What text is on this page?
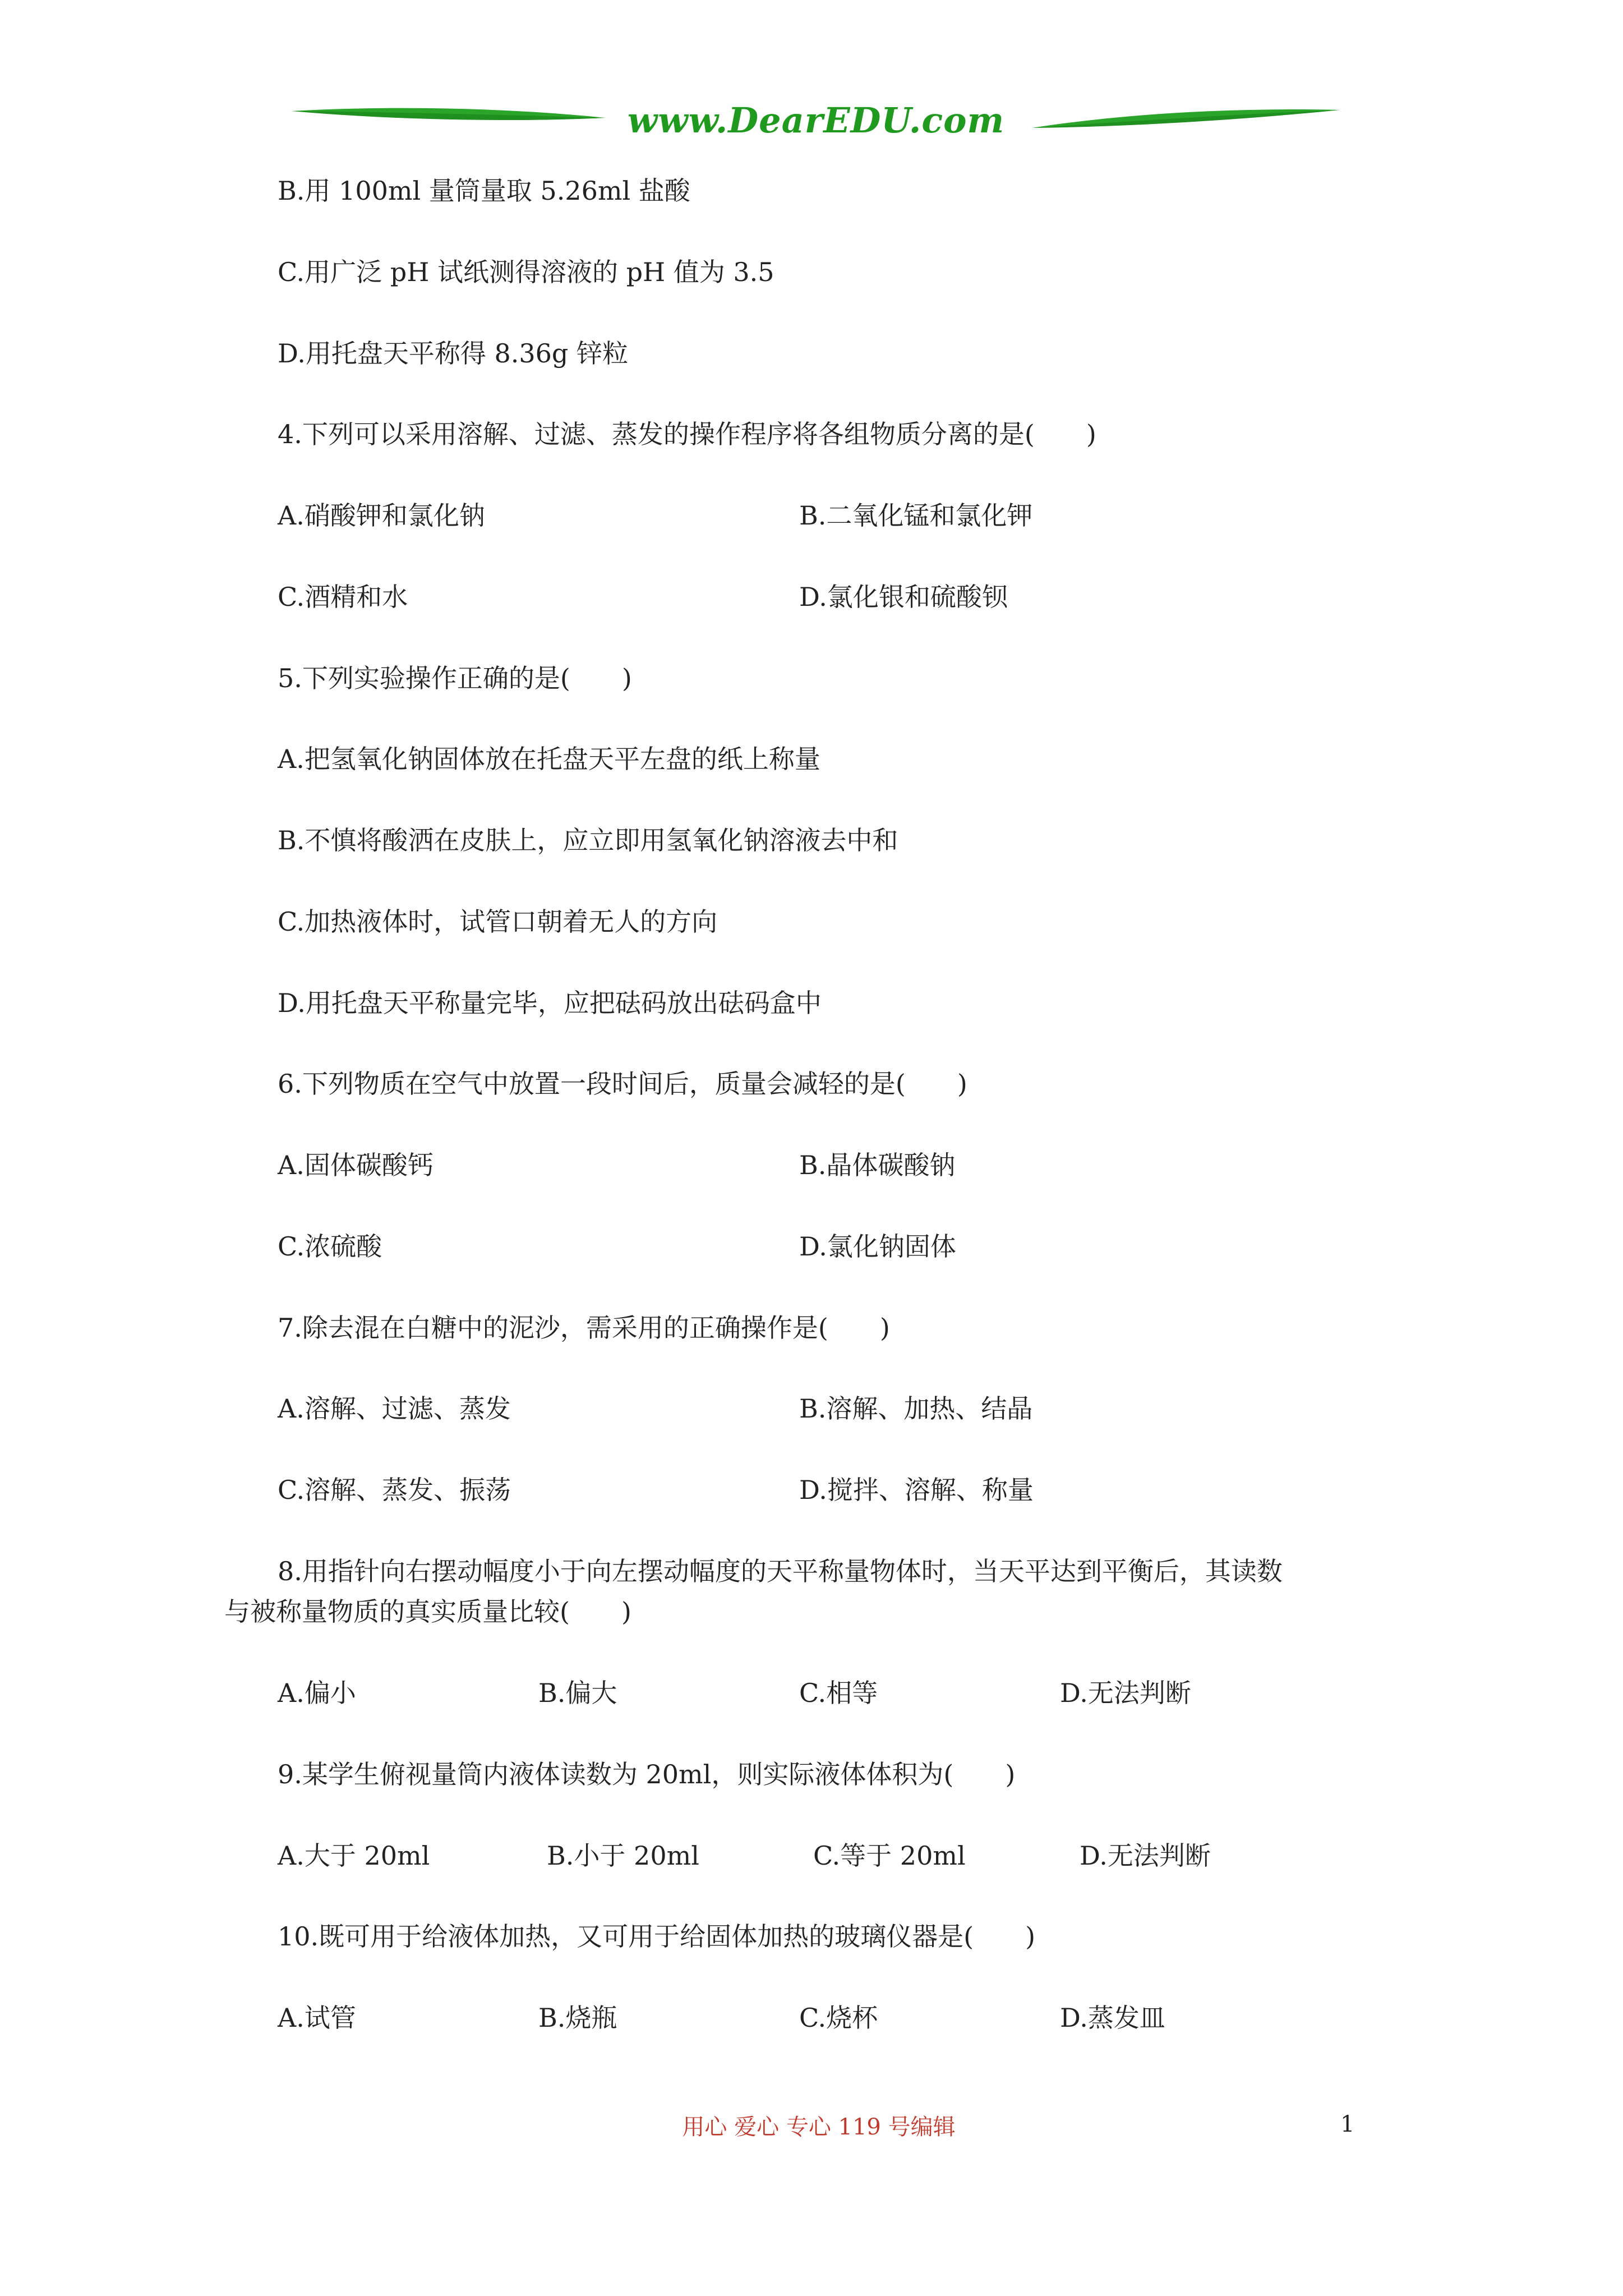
www.DearEDU.com
B.用 100ml 量筒量取 5.26ml 盐酸
C.用广泛 pH 试纸测得溶液的 pH 值为 3.5
D.用托盘天平称得 8.36g 锌粒
4.下列可以采用溶解、过滤、蒸发的操作程序将各组物质分离的是(　　)
A.硝酸钾和氯化钠	B.二氧化锰和氯化钾
C.酒精和水	D.氯化银和硫酸钡
5.下列实验操作正确的是(　　)
A.把氢氧化钠固体放在托盘天平左盘的纸上称量
B.不慎将酸洒在皮肤上，应立即用氢氧化钠溶液去中和
C.加热液体时，试管口朝着无人的方向
D.用托盘天平称量完毕，应把砝码放出砝码盒中
6.下列物质在空气中放置一段时间后，质量会减轻的是(　　)
A.固体碳酸钙	B.晶体碳酸钠
C.浓硫酸	D.氯化钠固体
7.除去混在白糖中的泥沙，需采用的正确操作是(　　)
A.溶解、过滤、蒸发	B.溶解、加热、结晶
C.溶解、蒸发、振荡	D.搅拌、溶解、称量
8.用指针向右摆动幅度小于向左摆动幅度的天平称量物体时，当天平达到平衡后，其读数
与被称量物质的真实质量比较(　　)
A.偏小	B.偏大	C.相等	D.无法判断
9.某学生俯视量筒内液体读数为 20ml，则实际液体体积为(　　)
A.大于 20ml	B.小于 20ml	C.等于 20ml	D.无法判断
10.既可用于给液体加热，又可用于给固体加热的玻璃仪器是(　　)
A.试管	B.烧瓶	C.烧杯	D.蒸发皿
用心 爱心 专心 119 号编辑	1
